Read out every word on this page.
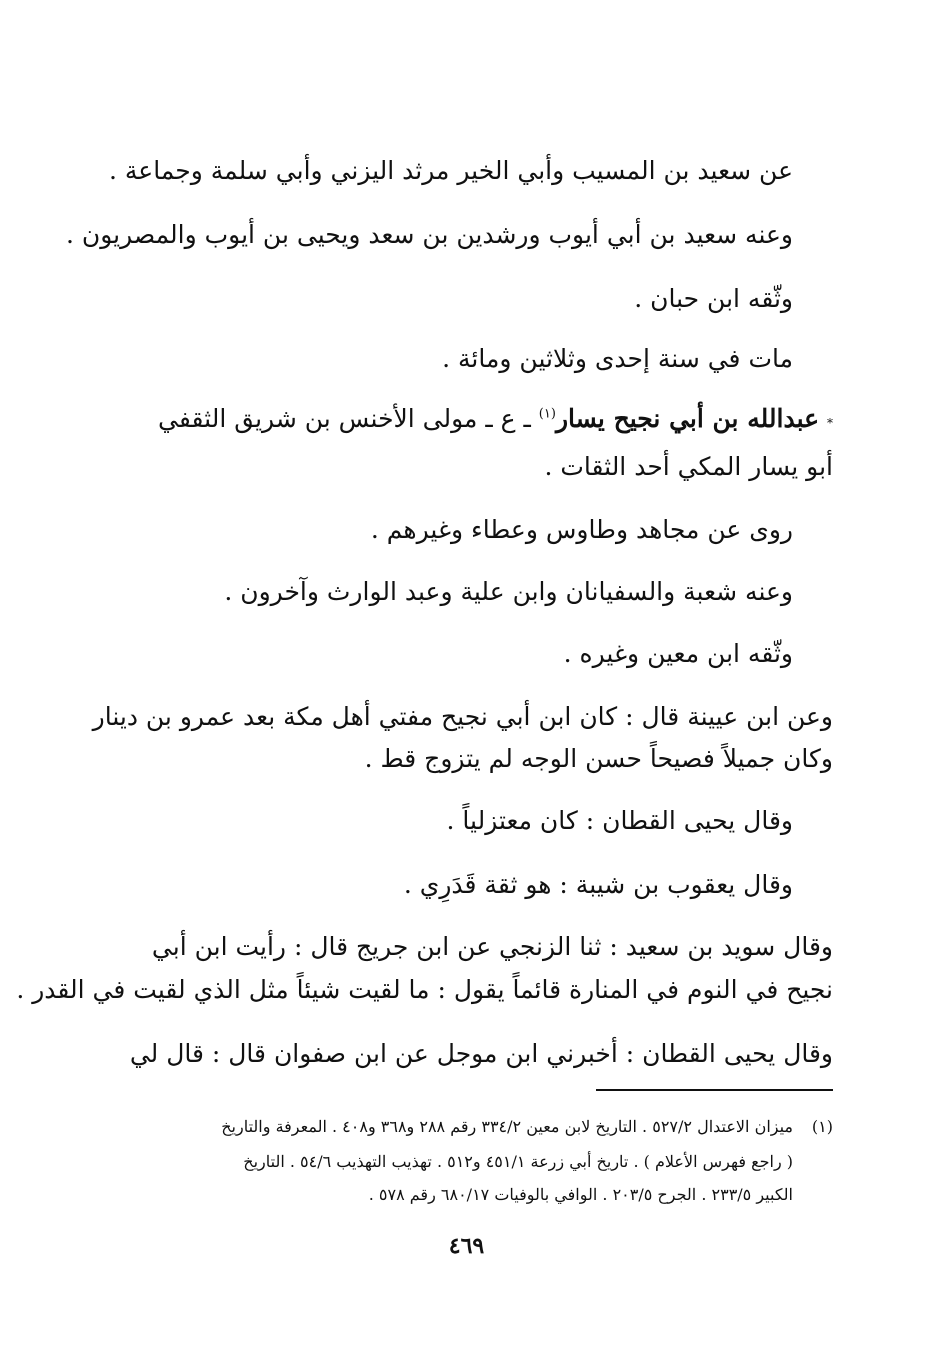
عن سعيد بن المسيب وأبي الخير مرثد اليزني وأبي سلمة وجماعة .
وعنه سعيد بن أبي أيوب ورشدين بن سعد ويحيى بن أيوب والمصريون .
وثّقه ابن حبان .
مات في سنة إحدى وثلاثين ومائة .
* عبدالله بن أبي نجيح يسار$^{(١)}$ ـ ع ـ مولى الأخنس بن شريق الثقفي
أبو يسار المكي أحد الثقات .
روى عن مجاهد وطاوس وعطاء وغيرهم .
وعنه شعبة والسفيانان وابن علية وعبد الوارث وآخرون .
وثّقه ابن معين وغيره .
وعن ابن عيينة قال : كان ابن أبي نجيح مفتي أهل مكة بعد عمرو بن دينار
وكان جميلاً فصيحاً حسن الوجه لم يتزوج قط .
وقال يحيى القطان : كان معتزلياً .
وقال يعقوب بن شيبة : هو ثقة قَدَرِي .
وقال سويد بن سعيد : ثنا الزنجي عن ابن جريج قال : رأيت ابن أبي
نجيح في النوم في المنارة قائماً يقول : ما لقيت شيئاً مثل الذي لقيت في القدر .
وقال يحيى القطان : أخبرني ابن موجل عن ابن صفوان قال : قال لي
(١)
ميزان الاعتدال ٥٢٧/٢ . التاريخ لابن معين ٣٣٤/٢ رقم ٢٨٨ و٣٦٨ و٤٠٨ . المعرفة والتاريخ
( راجع فهرس الأعلام ) . تاريخ أبي زرعة ٤٥١/١ و٥١٢ . تهذيب التهذيب ٥٤/٦ . التاريخ
الكبير ٢٣٣/٥ . الجرح ٢٠٣/٥ . الوافي بالوفيات ٦٨٠/١٧ رقم ٥٧٨ .
٤٦٩
